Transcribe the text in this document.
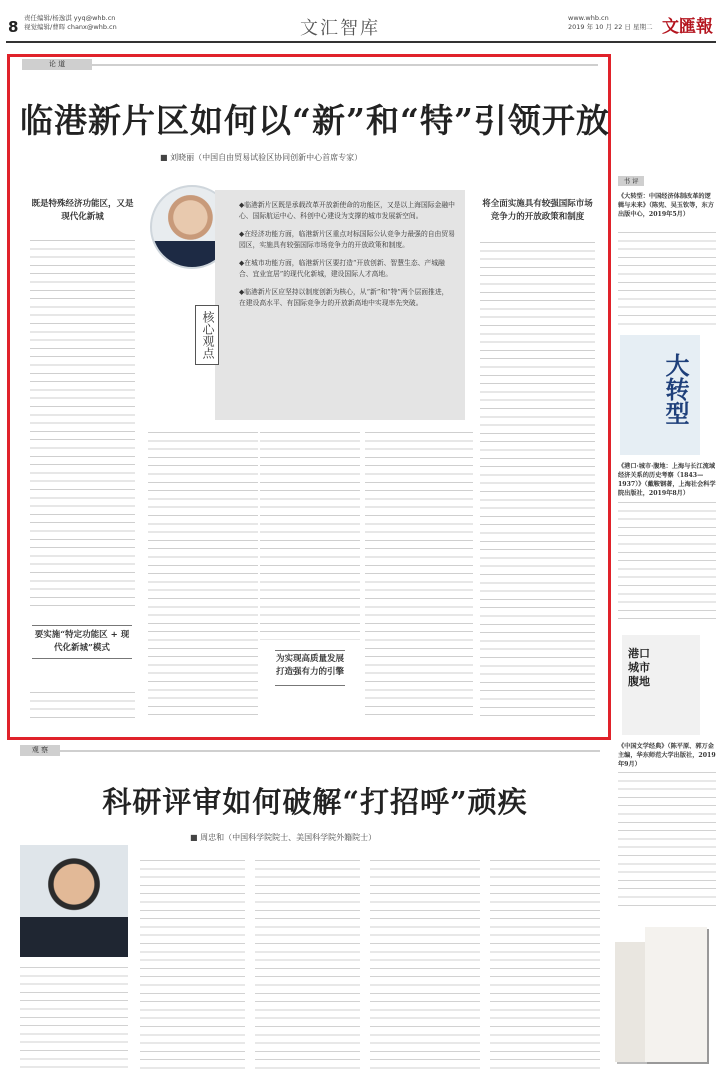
8 责任编辑/杨逸淇 yyq@whb.cn
视觉编辑/曹晖 chanx@whb.cn	文汇智库	www.whb.cn
2019 年 10 月 22 日 星期二 文匯報
论 道
临港新片区如何以“新”和“特”引领开放
■ 刘晓丽（中国自由贸易试验区协同创新中心首席专家）
既是特殊经济功能区，又是现代化新城
将全面实施具有较强国际市场竞争力的开放政策和制度

◆临港新片区既是承载改革开放新使命的功能区，又是以上海国际金融中心、国际航运中心、科创中心建设为支撑的城市发展新空间。

◆在经济功能方面，临港新片区重点对标国际公认竞争力最强的自由贸易园区，实施具有较强国际市场竞争力的开放政策和制度。

◆在城市功能方面，临港新片区要打造“开放创新、智慧生态、产城融合、宜业宜居”的现代化新城，建设国际人才高地。

◆临港新片区应坚持以制度创新为核心，从“新”和“特”两个层面推进，在建设高水平、有国际竞争力的开放新高地中实现率先突破。

核心观点
要实施“特定功能区 + 现代化新城”模式
为实现高质量发展打造强有力的引擎
书 评
《大转型：中国经济体制改革的逻辑与未来》（陈宪、吴玉钦等，东方出版中心，2019年5月）
大转型
《港口·城市·腹地：上海与长江流域经济关系的历史考察（1843—1937）》（戴鞍钢著，上海社会科学院出版社，2019年8月）
港口城市腹地
《中国文学经典》（陈平原、郭万金 主编，华东师范大学出版社，2019年9月）
观 察
科研评审如何破解“打招呼”顽疾
■ 周忠和（中国科学院院士、美国科学院外籍院士）
